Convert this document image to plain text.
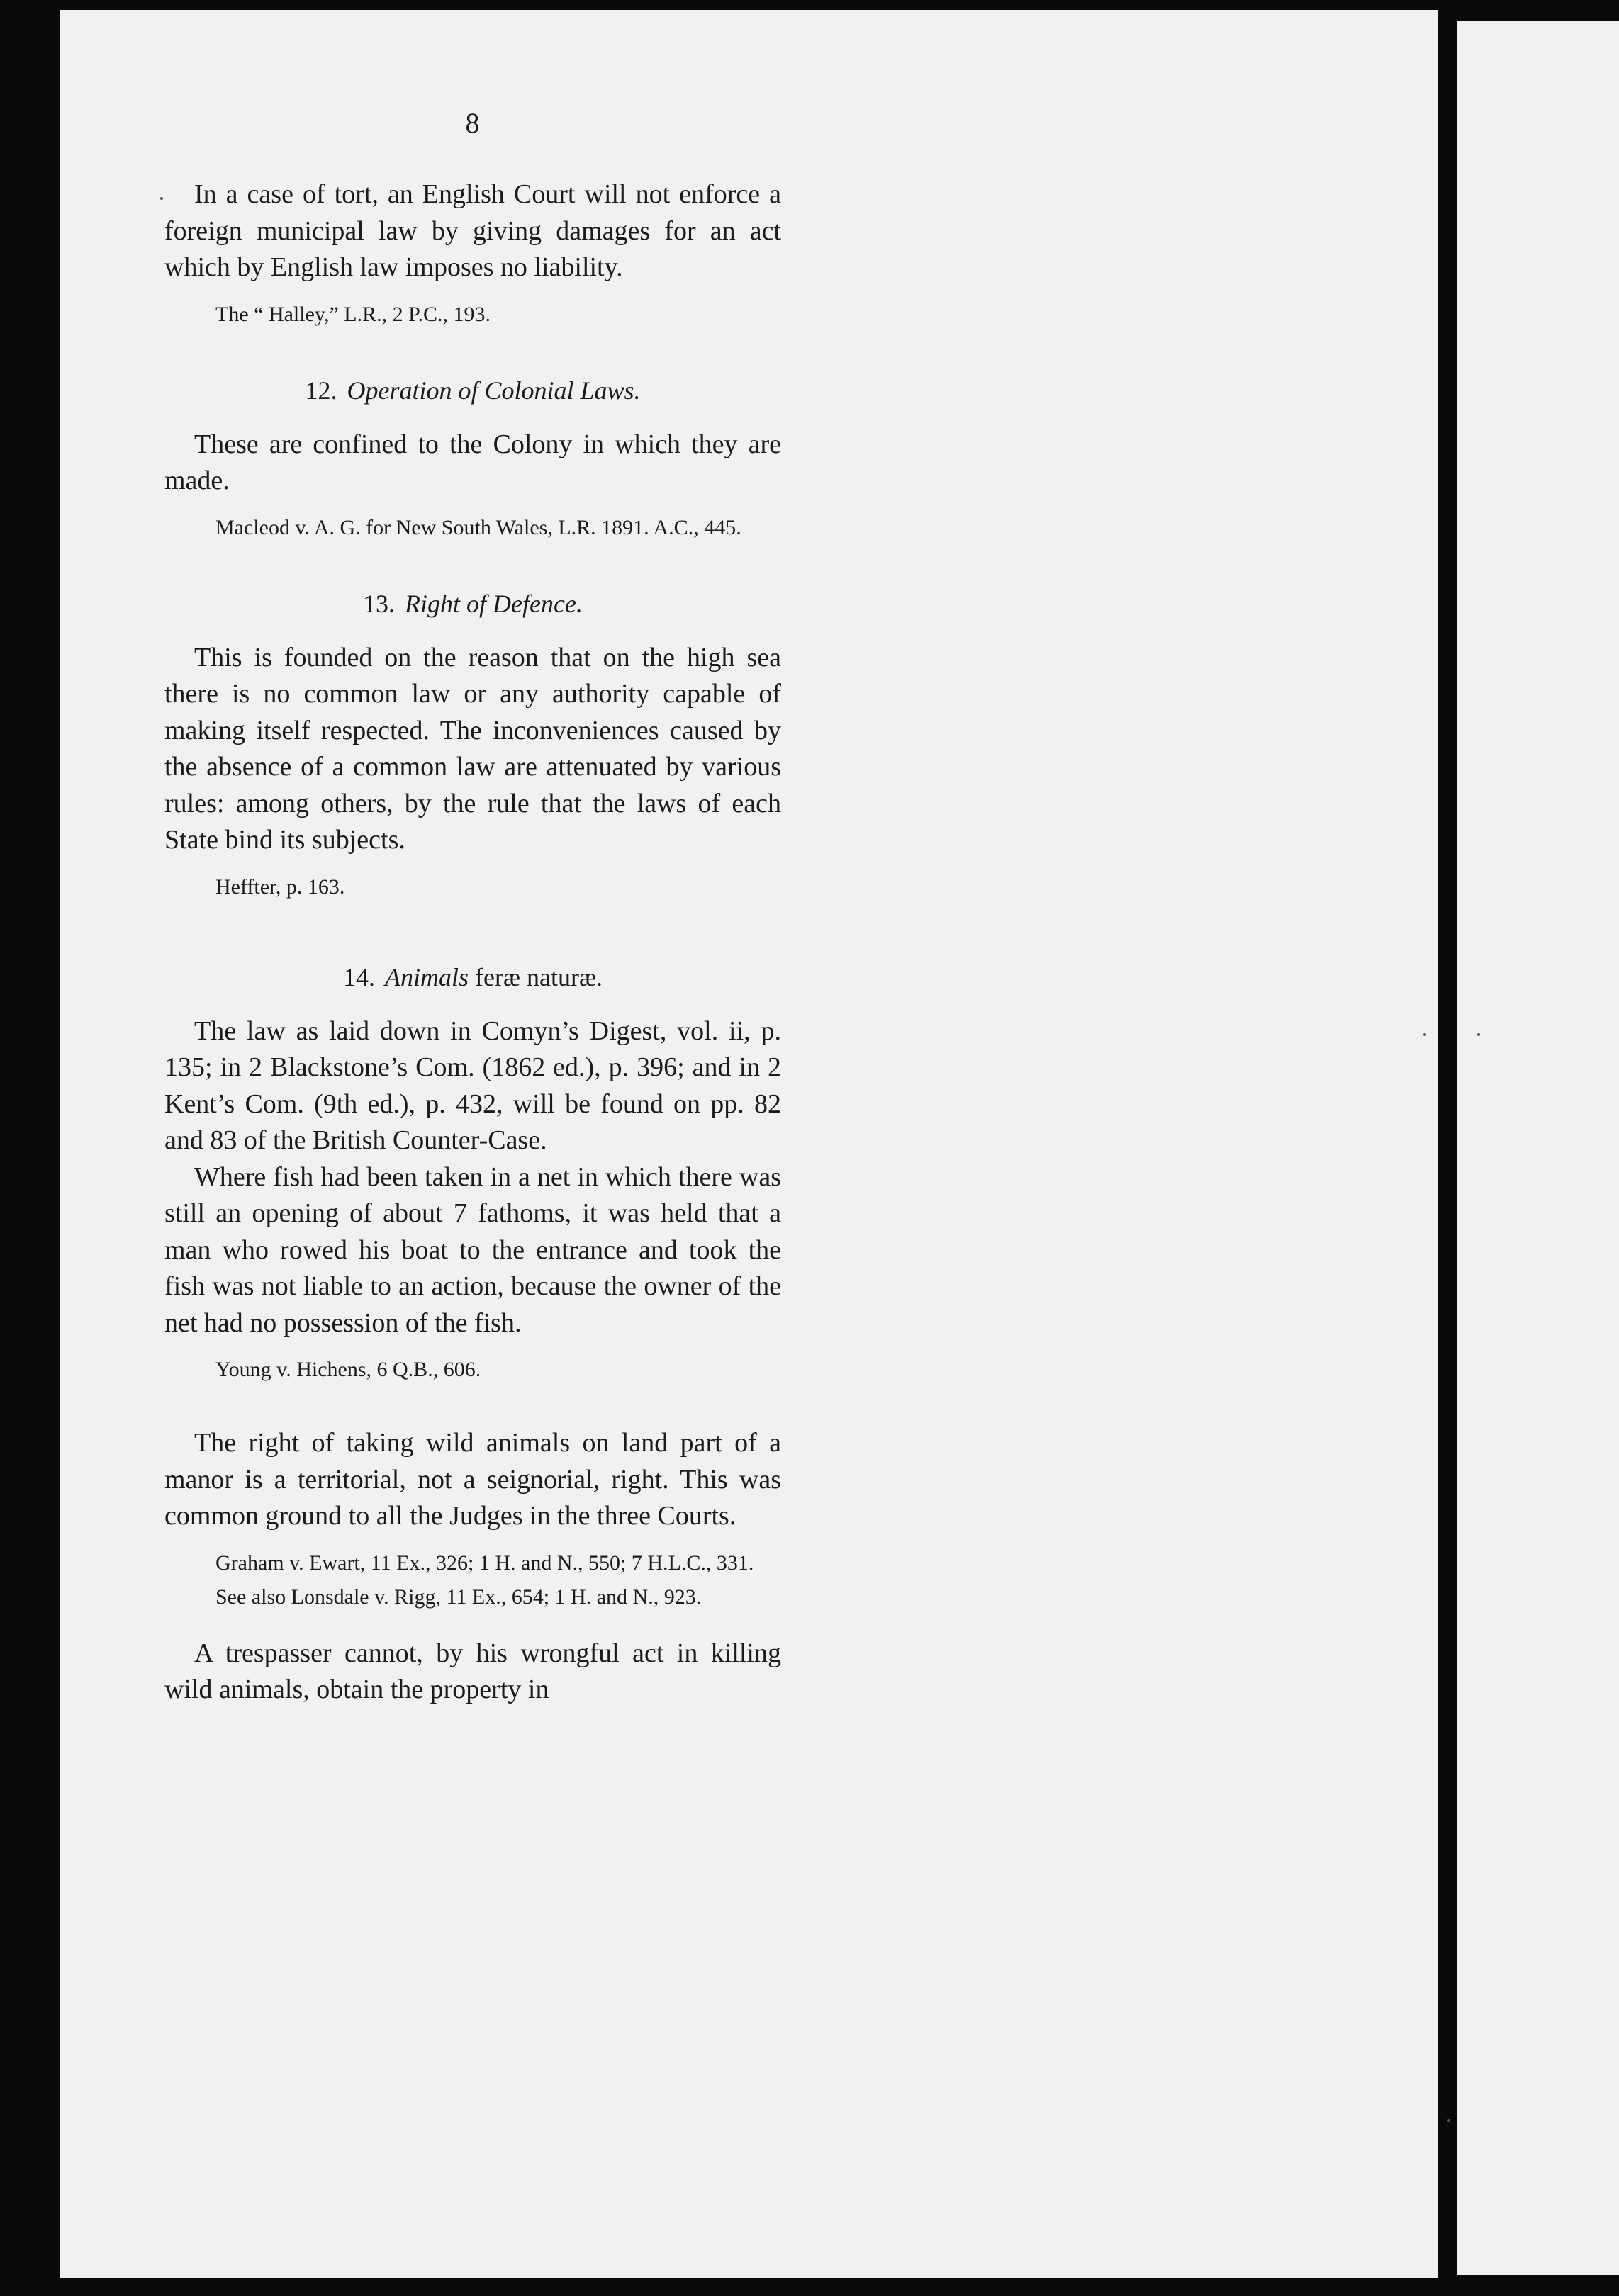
8

In a case of tort, an English Court will not enforce a foreign municipal law by giving damages for an act which by English law imposes no liability.

The “ Halley,” L.R., 2 P.C., 193.

12. Operation of Colonial Laws.

These are confined to the Colony in which they are made.

Macleod v. A. G. for New South Wales, L.R. 1891. A.C., 445.

13. Right of Defence.

This is founded on the reason that on the high sea there is no common law or any authority capable of making itself respected. The inconveniences caused by the absence of a common law are attenuated by various rules: among others, by the rule that the laws of each State bind its subjects.

Heffter, p. 163.

14. Animals feræ naturæ.

The law as laid down in Comyn’s Digest, vol. ii, p. 135; in 2 Blackstone’s Com. (1862 ed.), p. 396; and in 2 Kent’s Com. (9th ed.), p. 432, will be found on pp. 82 and 83 of the British Counter-Case.

Where fish had been taken in a net in which there was still an opening of about 7 fathoms, it was held that a man who rowed his boat to the entrance and took the fish was not liable to an action, because the owner of the net had no possession of the fish.

Young v. Hichens, 6 Q.B., 606.

The right of taking wild animals on land part of a manor is a territorial, not a seignorial, right. This was common ground to all the Judges in the three Courts.

Graham v. Ewart, 11 Ex., 326; 1 H. and N., 550; 7 H.L.C., 331.

See also Lonsdale v. Rigg, 11 Ex., 654; 1 H. and N., 923.

A trespasser cannot, by his wrongful act in killing wild animals, obtain the property in
